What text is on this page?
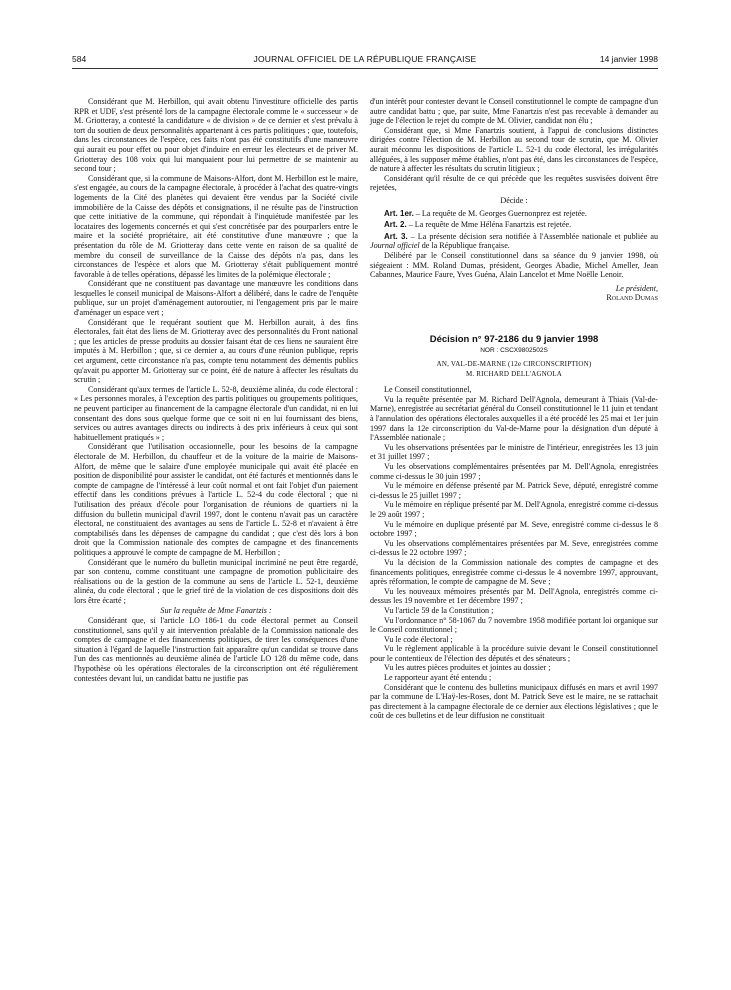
584	JOURNAL OFFICIEL DE LA RÉPUBLIQUE FRANÇAISE	14 janvier 1998

Considérant que M. Herbillon, qui avait obtenu l'investiture officielle des partis RPR et UDF, s'est présenté lors de la campagne électorale comme le « successeur » de M. Griotteray, a contesté la candidature « de division » de ce dernier et s'est prévalu à tort du soutien de deux personnalités appartenant à ces partis politiques ; que, toutefois, dans les circonstances de l'espèce, ces faits n'ont pas été constitutifs d'une manœuvre qui aurait eu pour effet ou pour objet d'induire en erreur les électeurs et de priver M. Griotteray des 108 voix qui lui manquaient pour lui permettre de se maintenir au second tour ;

Considérant que, si la commune de Maisons-Alfort, dont M. Herbillon est le maire, s'est engagée, au cours de la campagne électorale, à procéder à l'achat des quatre-vingts logements de la Cité des planètes qui devaient être vendus par la Société civile immobilière de la Caisse des dépôts et consignations, il ne résulte pas de l'instruction que cette initiative de la commune, qui répondait à l'inquiétude manifestée par les locataires des logements concernés et qui s'est concrétisée par des pourparlers entre le maire et la société propriétaire, ait été constitutive d'une manœuvre ; que la présentation du rôle de M. Griotteray dans cette vente en raison de sa qualité de membre du conseil de surveillance de la Caisse des dépôts n'a pas, dans les circonstances de l'espèce et alors que M. Griotteray s'était publiquement montré favorable à de telles opérations, dépassé les limites de la polémique électorale ;

Considérant que ne constituent pas davantage une manœuvre les conditions dans lesquelles le conseil municipal de Maisons-Alfort a délibéré, dans le cadre de l'enquête publique, sur un projet d'aménagement autoroutier, ni l'engagement pris par le maire d'aménager un espace vert ;

Considérant que le requérant soutient que M. Herbillon aurait, à des fins électorales, fait état des liens de M. Griotteray avec des personnalités du Front national ; que les articles de presse produits au dossier faisant état de ces liens ne sauraient être imputés à M. Herbillon ; que, si ce dernier a, au cours d'une réunion publique, repris cet argument, cette circonstance n'a pas, compte tenu notamment des démentis publics qu'avait pu apporter M. Griotteray sur ce point, été de nature à affecter les résultats du scrutin ;

Considérant qu'aux termes de l'article L. 52-8, deuxième alinéa, du code électoral : « Les personnes morales, à l'exception des partis politiques ou groupements politiques, ne peuvent participer au financement de la campagne électorale d'un candidat, ni en lui consentant des dons sous quelque forme que ce soit ni en lui fournissant des biens, services ou autres avantages directs ou indirects à des prix inférieurs à ceux qui sont habituellement pratiqués » ;

Considérant que l'utilisation occasionnelle, pour les besoins de la campagne électorale de M. Herbillon, du chauffeur et de la voiture de la mairie de Maisons-Alfort, de même que le salaire d'une employée municipale qui avait été placée en position de disponibilité pour assister le candidat, ont été facturés et mentionnés dans le compte de campagne de l'intéressé à leur coût normal et ont fait l'objet d'un paiement effectif dans les conditions prévues à l'article L. 52-4 du code électoral ; que ni l'utilisation des préaux d'école pour l'organisation de réunions de quartiers ni la diffusion du bulletin municipal d'avril 1997, dont le contenu n'avait pas un caractère électoral, ne constituaient des avantages au sens de l'article L. 52-8 et n'avaient à être comptabilisés dans les dépenses de campagne du candidat ; que c'est dès lors à bon droit que la Commission nationale des comptes de campagne et des financements politiques a approuvé le compte de campagne de M. Herbillon ;

Considérant que le numéro du bulletin municipal incriminé ne peut être regardé, par son contenu, comme constituant une campagne de promotion publicitaire des réalisations ou de la gestion de la commune au sens de l'article L. 52-1, deuxième alinéa, du code électoral ; que le grief tiré de la violation de ces dispositions doit dès lors être écarté ;

Sur la requête de Mme Fanartzis :

Considérant que, si l'article LO 186-1 du code électoral permet au Conseil constitutionnel, sans qu'il y ait intervention préalable de la Commission nationale des comptes de campagne et des financements politiques, de tirer les conséquences d'une situation à l'égard de laquelle l'instruction fait apparaître qu'un candidat se trouve dans l'un des cas mentionnés au deuxième alinéa de l'article LO 128 du même code, dans l'hypothèse où les opérations électorales de la circonscription ont été régulièrement contestées devant lui, un candidat battu ne justifie pas

d'un intérêt pour contester devant le Conseil constitutionnel le compte de campagne d'un autre candidat battu ; que, par suite, Mme Fanartzis n'est pas recevable à demander au juge de l'élection le rejet du compte de M. Olivier, candidat non élu ;

Considérant que, si Mme Fanartzis soutient, à l'appui de conclusions distinctes dirigées contre l'élection de M. Herbillon au second tour de scrutin, que M. Olivier aurait méconnu les dispositions de l'article L. 52-1 du code électoral, les irrégularités alléguées, à les supposer même établies, n'ont pas été, dans les circonstances de l'espèce, de nature à affecter les résultats du scrutin litigieux ;

Considérant qu'il résulte de ce qui précède que les requêtes susvisées doivent être rejetées,

Décide :

Art. 1er. – La requête de M. Georges Guernonprez est rejetée.

Art. 2. – La requête de Mme Héléna Fanartzis est rejetée.

Art. 3. – La présente décision sera notifiée à l'Assemblée nationale et publiée au Journal officiel de la République française.

Délibéré par le Conseil constitutionnel dans sa séance du 9 janvier 1998, où siégeaient : MM. Roland Dumas, président, Georges Abadie, Michel Ameller, Jean Cabannes, Maurice Faure, Yves Guéna, Alain Lancelot et Mme Noëlle Lenoir.

Le président,

Roland Dumas

Décision n° 97-2186 du 9 janvier 1998

NOR : CSCX9802502S

AN, VAL-DE-MARNE (12e CIRCONSCRIPTION)

M. RICHARD DELL'AGNOLA

Le Conseil constitutionnel,

Vu la requête présentée par M. Richard Dell'Agnola, demeurant à Thiais (Val-de-Marne), enregistrée au secrétariat général du Conseil constitutionnel le 11 juin et tendant à l'annulation des opérations électorales auxquelles il a été procédé les 25 mai et 1er juin 1997 dans la 12e circonscription du Val-de-Marne pour la désignation d'un député à l'Assemblée nationale ;

Vu les observations présentées par le ministre de l'intérieur, enregistrées les 13 juin et 31 juillet 1997 ;

Vu les observations complémentaires présentées par M. Dell'Agnola, enregistrées comme ci-dessus le 30 juin 1997 ;

Vu le mémoire en défense présenté par M. Patrick Seve, député, enregistré comme ci-dessus le 25 juillet 1997 ;

Vu le mémoire en réplique présenté par M. Dell'Agnola, enregistré comme ci-dessus le 29 août 1997 ;

Vu le mémoire en duplique présenté par M. Seve, enregistré comme ci-dessus le 8 octobre 1997 ;

Vu les observations complémentaires présentées par M. Seve, enregistrées comme ci-dessus le 22 octobre 1997 ;

Vu la décision de la Commission nationale des comptes de campagne et des financements politiques, enregistrée comme ci-dessus le 4 novembre 1997, approuvant, après réformation, le compte de campagne de M. Seve ;

Vu les nouveaux mémoires présentés par M. Dell'Agnola, enregistrés comme ci-dessus les 19 novembre et 1er décembre 1997 ;

Vu l'article 59 de la Constitution ;

Vu l'ordonnance n° 58-1067 du 7 novembre 1958 modifiée portant loi organique sur le Conseil constitutionnel ;

Vu le code électoral ;

Vu le règlement applicable à la procédure suivie devant le Conseil constitutionnel pour le contentieux de l'élection des députés et des sénateurs ;

Vu les autres pièces produites et jointes au dossier ;

Le rapporteur ayant été entendu ;

Considérant que le contenu des bulletins municipaux diffusés en mars et avril 1997 par la commune de L'Haÿ-les-Roses, dont M. Patrick Seve est le maire, ne se rattachait pas directement à la campagne électorale de ce dernier aux élections législatives ; que le coût de ces bulletins et de leur diffusion ne constituait
